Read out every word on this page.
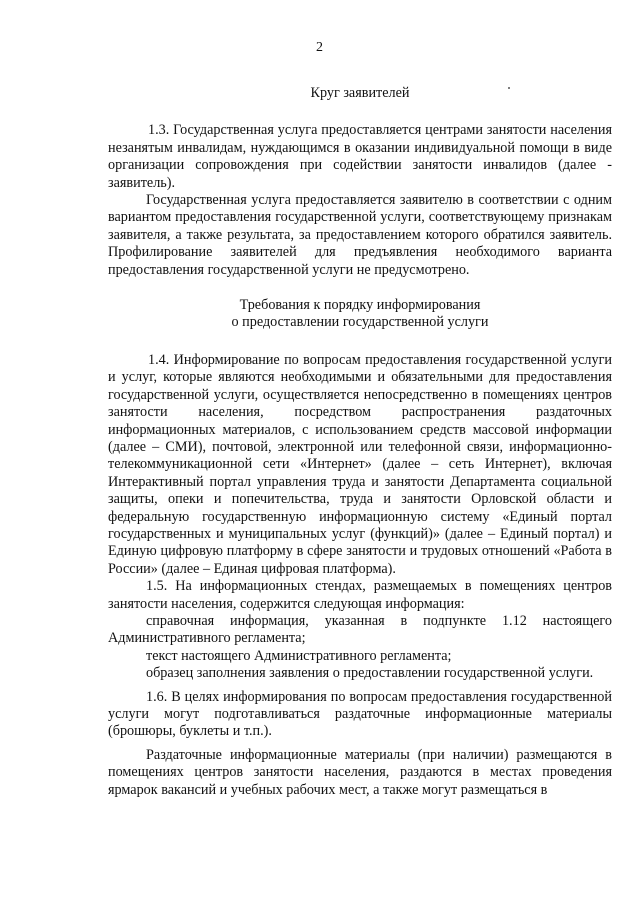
2

Круг заявителей

1.3. Государственная услуга предоставляется центрами занятости населения незанятым инвалидам, нуждающимся в оказании индивидуальной помощи в виде организации сопровождения при содействии занятости инвалидов (далее - заявитель).

Государственная услуга предоставляется заявителю в соответствии с одним вариантом предоставления государственной услуги, соответствующему признакам заявителя, а также результата, за предоставлением которого обратился заявитель. Профилирование заявителей для предъявления необходимого варианта предоставления государственной услуги не предусмотрено.

Требования к порядку информирования

о предоставлении государственной услуги

1.4. Информирование по вопросам предоставления государственной услуги и услуг, которые являются необходимыми и обязательными для предоставления государственной услуги, осуществляется непосредственно в помещениях центров занятости населения, посредством распространения раздаточных информационных материалов, с использованием средств массовой информации (далее – СМИ), почтовой, электронной или телефонной связи, информационно-телекоммуникационной сети «Интернет» (далее – сеть Интернет), включая Интерактивный портал управления труда и занятости Департамента социальной защиты, опеки и попечительства, труда и занятости Орловской области и федеральную государственную информационную систему «Единый портал государственных и муниципальных услуг (функций)» (далее – Единый портал) и Единую цифровую платформу в сфере занятости и трудовых отношений «Работа в России» (далее – Единая цифровая платформа).

1.5. На информационных стендах, размещаемых в помещениях центров занятости населения, содержится следующая информация:

справочная информация, указанная в подпункте 1.12 настоящего Административного регламента;

текст настоящего Административного регламента;

образец заполнения заявления о предоставлении государственной услуги.

1.6. В целях информирования по вопросам предоставления государственной услуги могут подготавливаться раздаточные информационные материалы (брошюры, буклеты и т.п.).

Раздаточные информационные материалы (при наличии) размещаются в помещениях центров занятости населения, раздаются в местах проведения ярмарок вакансий и учебных рабочих мест, а также могут размещаться в
